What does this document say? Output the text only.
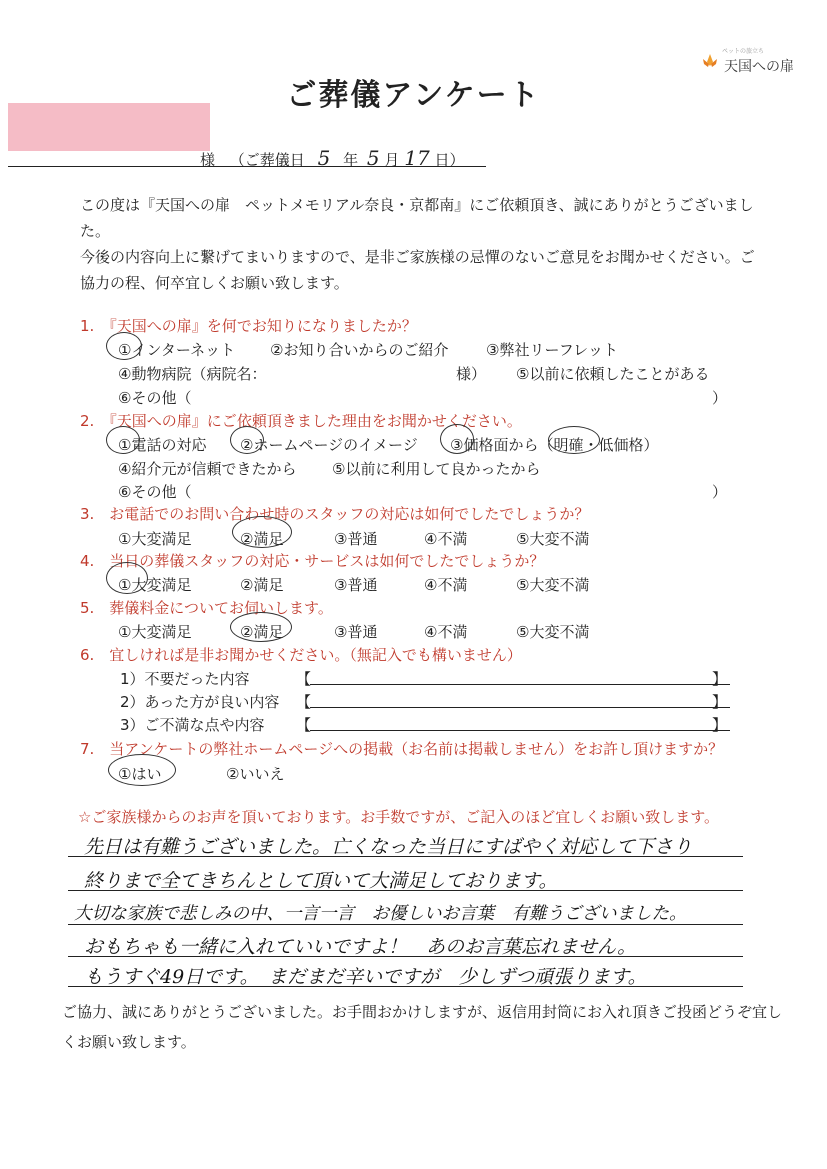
ペットの旅立ち
天国への扉
ご葬儀アンケート
様 （ご葬儀日 5 年 5 月 17 日）

この度は『天国への扉　ペットメモリアル奈良・京都南』にご依頼頂き、誠にありがとうございました。

今後の内容向上に繋げてまいりますので、是非ご家族様の忌憚のないご意見をお聞かせください。ご協力の程、何卒宜しくお願い致します。

1.　『天国への扉』を何でお知りになりましたか？
①インターネット ②お知り合いからのご紹介	③弊社リーフレット
④動物病院（病院名：	様） ⑤以前に依頼したことがある
⑥その他（	）
2.　『天国への扉』にご依頼頂きました理由をお聞かせください。
①電話の対応 ②ホームページのイメージ ③価格面から（明確・低価格）
④紹介元が信頼できたから ⑤以前に利用して良かったから
⑥その他（	）
3.　お電話でのお問い合わせ時のスタッフの対応は如何でしたでしょうか？
①大変満足	②満足	③普通	④不満	⑤大変不満
4.　当日の葬儀スタッフの対応・サービスは如何でしたでしょうか？
①大変満足	②満足	③普通	④不満	⑤大変不満
5.　葬儀料金についてお伺いします。
①大変満足	②満足	③普通	④不満	⑤大変不満
6.　宜しければ是非お聞かせください。（無記入でも構いません）
1）不要だった内容	【	】
2）あった方が良い内容 【	】
3）ご不満な点や内容 【	】
7.　当アンケートの弊社ホームページへの掲載（お名前は掲載しません）をお許し頂けますか？
①はい	②いいえ
☆ご家族様からのお声を頂いております。お手数ですが、ご記入のほど宜しくお願い致します。
先日は有難うございました。亡くなった当日にすばやく対応して下さり
終りまで全てきちんとして頂いて大満足しております。
大切な家族で悲しみの中、一言一言　お優しいお言葉　有難うございました。
おもちゃも一緒に入れていいですよ！　あのお言葉忘れません。
もうすぐ49日です。　まだまだ辛いですが　少しずつ頑張ります。

ご協力、誠にありがとうございました。お手間おかけしますが、返信用封筒にお入れ頂きご投函どうぞ宜しくお願い致します。
